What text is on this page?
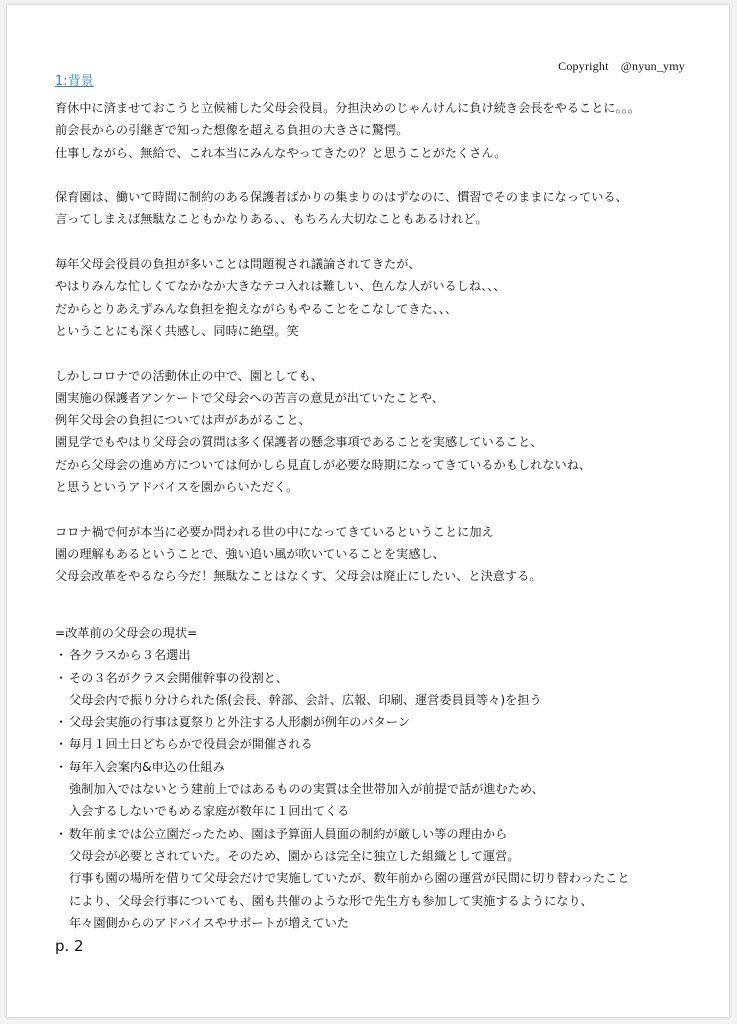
Copyright　@nyun_ymy
1:背景
育休中に済ませておこうと立候補した父母会役員。分担決めのじゃんけんに負け続き会長をやることに。。。
前会長からの引継ぎで知った想像を超える負担の大きさに驚愕。
仕事しながら、無給で、これ本当にみんなやってきたの？と思うことがたくさん。
保育園は、働いて時間に制約のある保護者ばかりの集まりのはずなのに、慣習でそのままになっている、
言ってしまえば無駄なこともかなりある、、もちろん大切なこともあるけれど。
毎年父母会役員の負担が多いことは問題視され議論されてきたが、
やはりみんな忙しくてなかなか大きなテコ入れは難しい、色んな人がいるしね、、、
だからとりあえずみんな負担を抱えながらもやることをこなしてきた、、、
ということにも深く共感し、同時に絶望。笑
しかしコロナでの活動休止の中で、園としても、
園実施の保護者アンケートで父母会への苦言の意見が出ていたことや、
例年父母会の負担については声があがること、
園見学でもやはり父母会の質問は多く保護者の懸念事項であることを実感していること、
だから父母会の進め方については何かしら見直しが必要な時期になってきているかもしれないね、
と思うというアドバイスを園からいただく。
コロナ禍で何が本当に必要か問われる世の中になってきているということに加え
園の理解もあるということで、強い追い風が吹いていることを実感し、
父母会改革をやるなら今だ！無駄なことはなくす、父母会は廃止にしたい、と決意する。
=改革前の父母会の現状=
・ 各クラスから３名選出
・ その３名がクラス会開催幹事の役割と、
父母会内で振り分けられた係(会長、幹部、会計、広報、印刷、運営委員員等々)を担う
・ 父母会実施の行事は夏祭りと外注する人形劇が例年のパターン
・ 毎月１回土日どちらかで役員会が開催される
・ 毎年入会案内&申込の仕組み
強制加入ではないとう建前上ではあるものの実質は全世帯加入が前提で話が進むため、
入会するしないでもめる家庭が数年に１回出てくる
・ 数年前までは公立園だったため、園は予算面人員面の制約が厳しい等の理由から
父母会が必要とされていた。そのため、園からは完全に独立した組織として運営。
行事も園の場所を借りて父母会だけで実施していたが、数年前から園の運営が民間に切り替わったこと
により、父母会行事についても、園も共催のような形で先生方も参加して実施するようになり、
年々園側からのアドバイスやサポートが増えていた
p. 2
